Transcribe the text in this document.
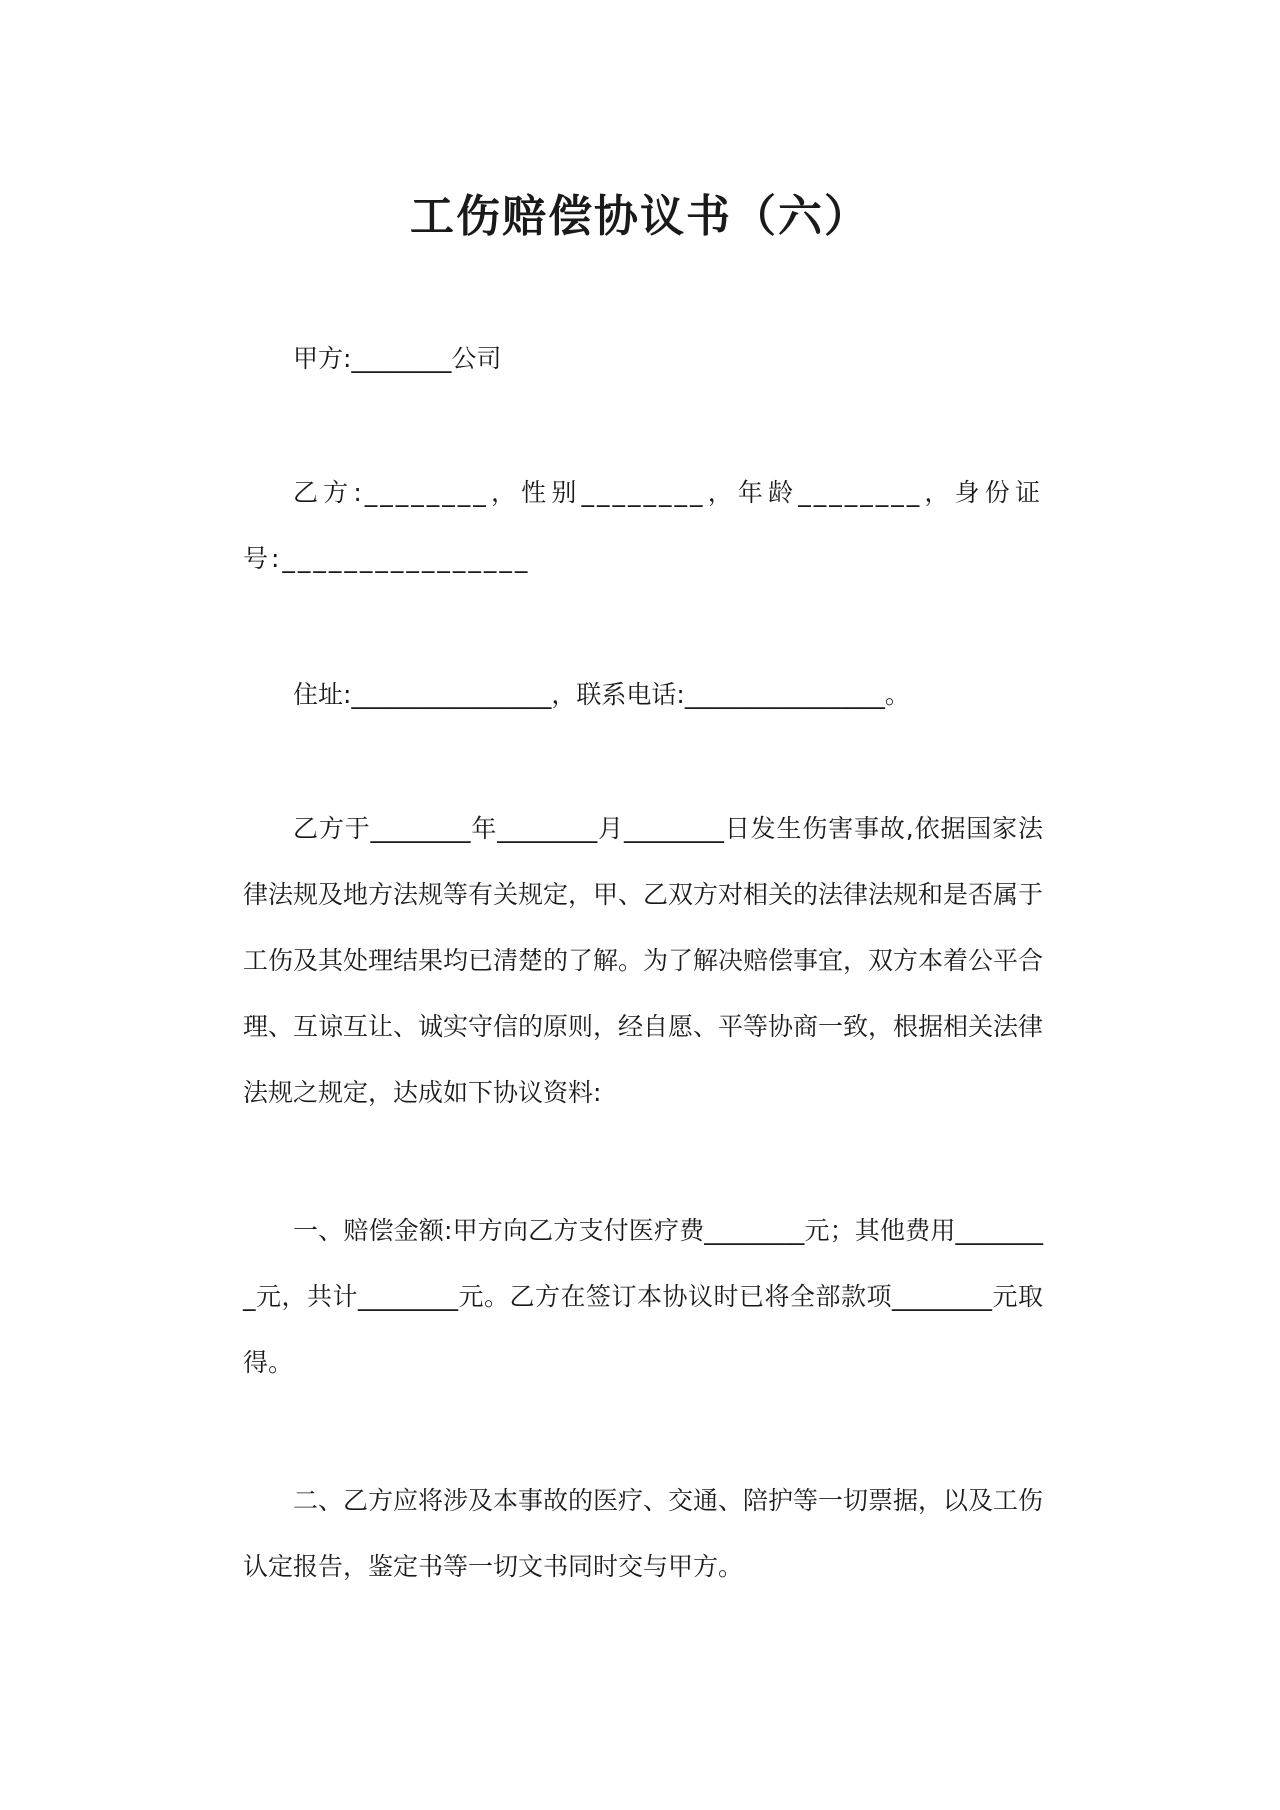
工伤赔偿协议书（六）

甲方:________公司

乙方:________，性别________，年龄________，身份证号:________________

住址:________________，联系电话:________________。

乙方于________年________月________日发生伤害事故,依据国家法律法规及地方法规等有关规定，甲、乙双方对相关的法律法规和是否属于工伤及其处理结果均已清楚的了解。为了解决赔偿事宜，双方本着公平合理、互谅互让、诚实守信的原则，经自愿、平等协商一致，根据相关法律法规之规定，达成如下协议资料:

一、赔偿金额:甲方向乙方支付医疗费________元；其他费用________元，共计________元。乙方在签订本协议时已将全部款项________元取得。

二、乙方应将涉及本事故的医疗、交通、陪护等一切票据，以及工伤认定报告，鉴定书等一切文书同时交与甲方。
